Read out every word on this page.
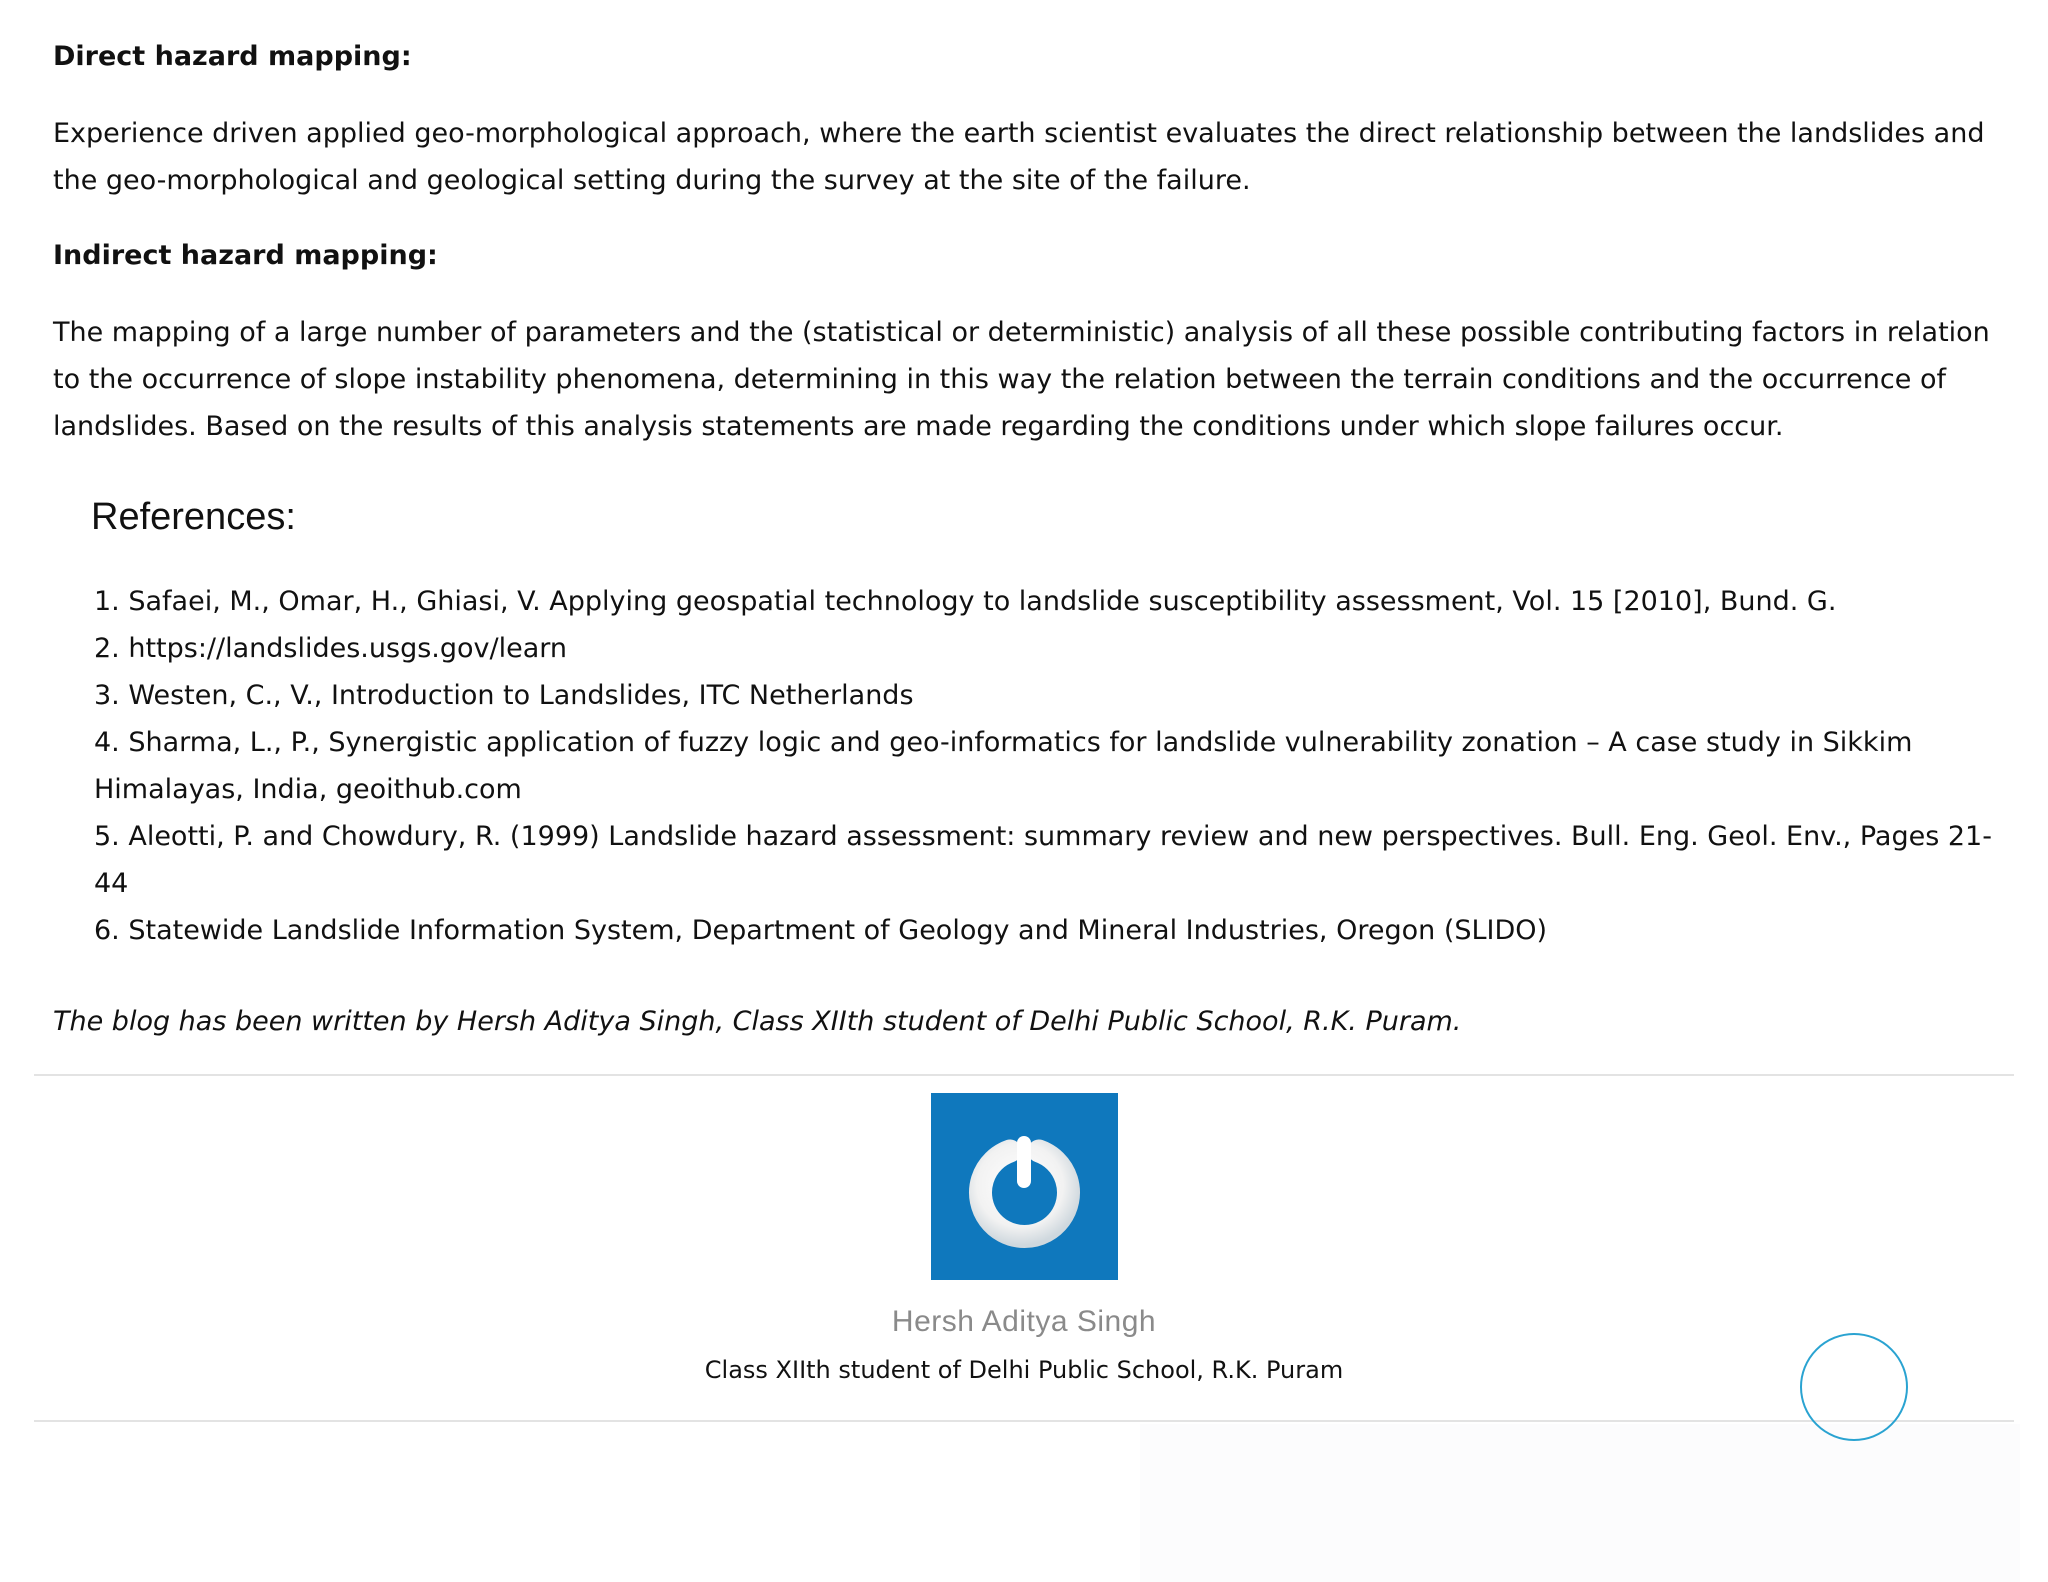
Direct hazard mapping:

Experience driven applied geo-morphological approach, where the earth scientist evaluates the direct relationship between the landslides and the geo-morphological and geological setting during the survey at the site of the failure.

Indirect hazard mapping:

The mapping of a large number of parameters and the (statistical or deterministic) analysis of all these possible contributing factors in relation to the occurrence of slope instability phenomena, determining in this way the relation between the terrain conditions and the occurrence of landslides. Based on the results of this analysis statements are made regarding the conditions under which slope failures occur.

References:
1. Safaei, M., Omar, H., Ghiasi, V. Applying geospatial technology to landslide susceptibility assessment, Vol. 15 [2010], Bund. G.
2. https://landslides.usgs.gov/learn
3. Westen, C., V., Introduction to Landslides, ITC Netherlands
4. Sharma, L., P., Synergistic application of fuzzy logic and geo-informatics for landslide vulnerability zonation – A case study in Sikkim Himalayas, India, geoithub.com
5. Aleotti, P. and Chowdury, R. (1999) Landslide hazard assessment: summary review and new perspectives. Bull. Eng. Geol. Env., Pages 21- 44
6. Statewide Landslide Information System, Department of Geology and Mineral Industries, Oregon (SLIDO)

The blog has been written by Hersh Aditya Singh, Class XIIth student of Delhi Public School, R.K. Puram.

Hersh Aditya Singh
Class XIIth student of Delhi Public School, R.K. Puram
